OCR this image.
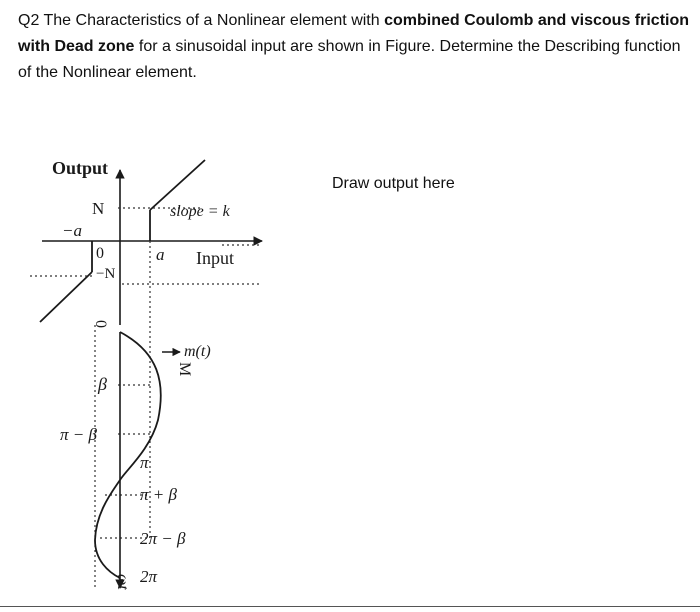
Q2 The Characteristics of a Nonlinear element with combined Coulomb and viscous friction with Dead zone for a sinusoidal input are shown in Figure. Determine the Describing function of the Nonlinear element.
Output
N
−a
0
−N
a
slope = k
Input
0
m(t)
β
π − β
M
π
π + β
2π − β
2π
ωt
Draw output here
